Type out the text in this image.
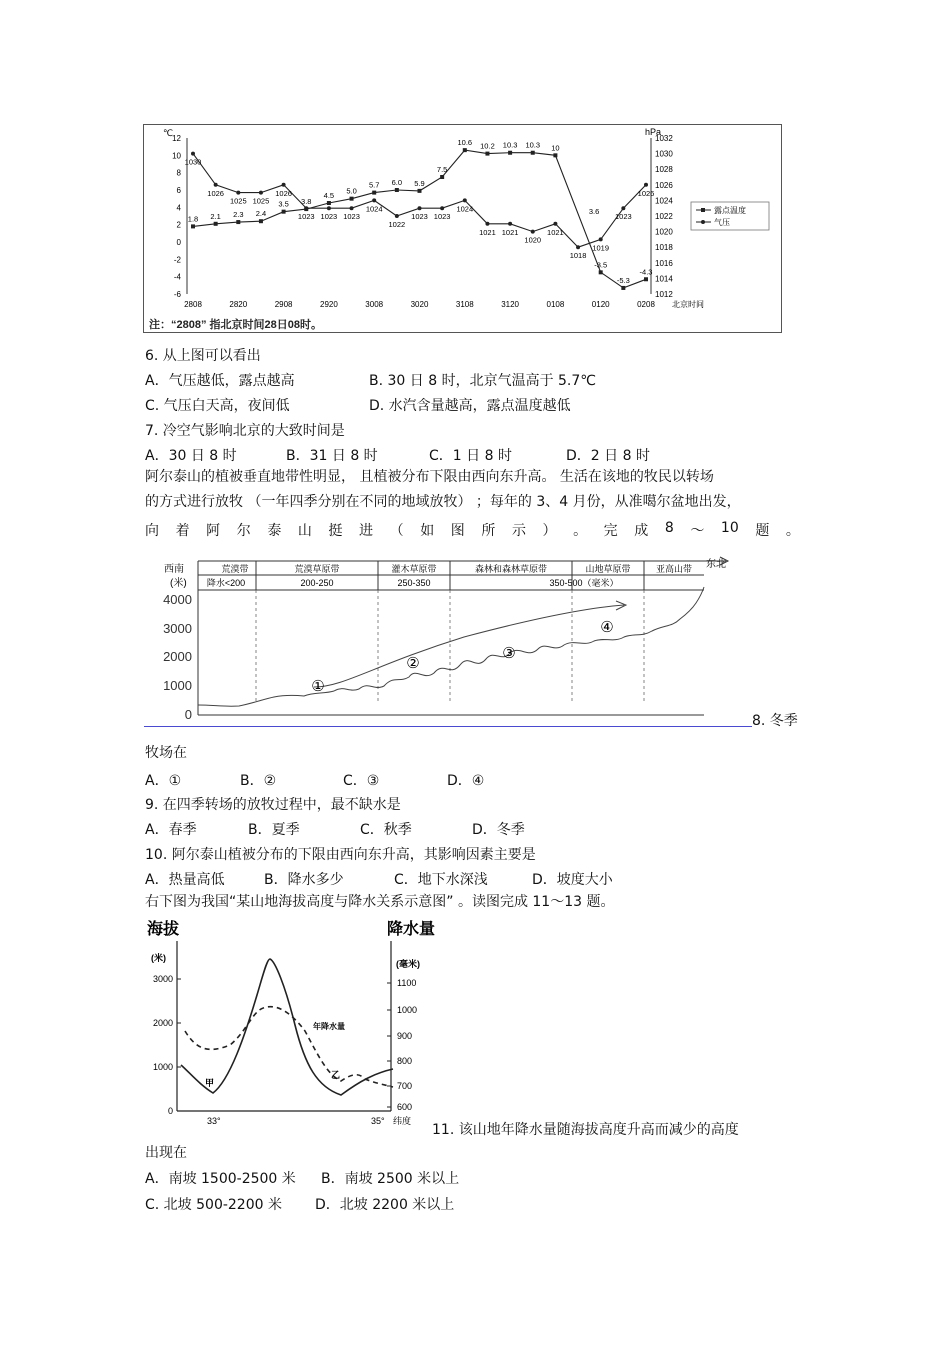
℃	hPa
12
10
8
6
4
2
0
-2
-4
-6
1032
1030
1028
1026
1024
1022
1020
1018
1016
1014
1012
2808	2820	2908	2920	3008	3020	3108	3120	0108	0120	0208 北京时间
1.8 2.1 2.3 2.4
3.5 3.8
4.5 5.0
5.7 6.0 5.9
7.5
10.6 10.2 10.3 10.3 10
-3.5
-5.3
-4.3
1030
1026
1025 1025
1026
1023 1023 1023
1024
1022
1023 1023
1024
1021 1021
1020
1021
1018
1019
1023
1026
3.6	露点温度
气压
注：“2808” 指北京时间28日08时。
6. 从上图可以看出
A．气压越低，露点越高	B. 30 日 8 时，北京气温高于 5.7℃
C. 气压白天高，夜间低	D. 水汽含量越高，露点温度越低
7. 冷空气影响北京的大致时间是
A．30 日 8 时	B．31 日 8 时	C．1 日 8 时	D．2 日 8 时
阿尔泰山的植被垂直地带性明显， 且植被分布下限由西向东升高。 生活在该地的牧民以转场
的方式进行放牧 （一年四季分别在不同的地域放牧） ；每年的 3、4 月份，从准噶尔盆地出发，
向 着 阿 尔 泰 山 挺 进 （ 如 图 所 示 ） 。 完 成 8 ～ 10 题 。
西南	东北
(米)
荒漠带	荒漠草原带	灌木草原带	森林和森林草原带	山地草原带	亚高山带
降水<200	200-250	250-350	350-500（毫米）
4000
3000
2000
1000
0
①
②
③
④
8. 冬季
牧场在
A．①	B．②	C．③	D．④
9. 在四季转场的放牧过程中，最不缺水是
A．春季	B．夏季	C．秋季	D．冬季
10. 阿尔泰山植被分布的下限由西向东升高，其影响因素主要是
A．热量高低	B．降水多少	C．地下水深浅	D．坡度大小
右下图为我国“某山地海拔高度与降水关系示意图” 。读图完成 11～13 题。
海拔	降水量
(米)
(毫米)
3000
2000
1000
0
1100
1000
900
800
700
600
33°	35° 纬度
年降水量
甲
乙
11. 该山地年降水量随海拔高度升高而减少的高度
出现在
A．南坡 1500-2500 米 B．南坡 2500 米以上
C. 北坡 500-2200 米 D．北坡 2200 米以上
